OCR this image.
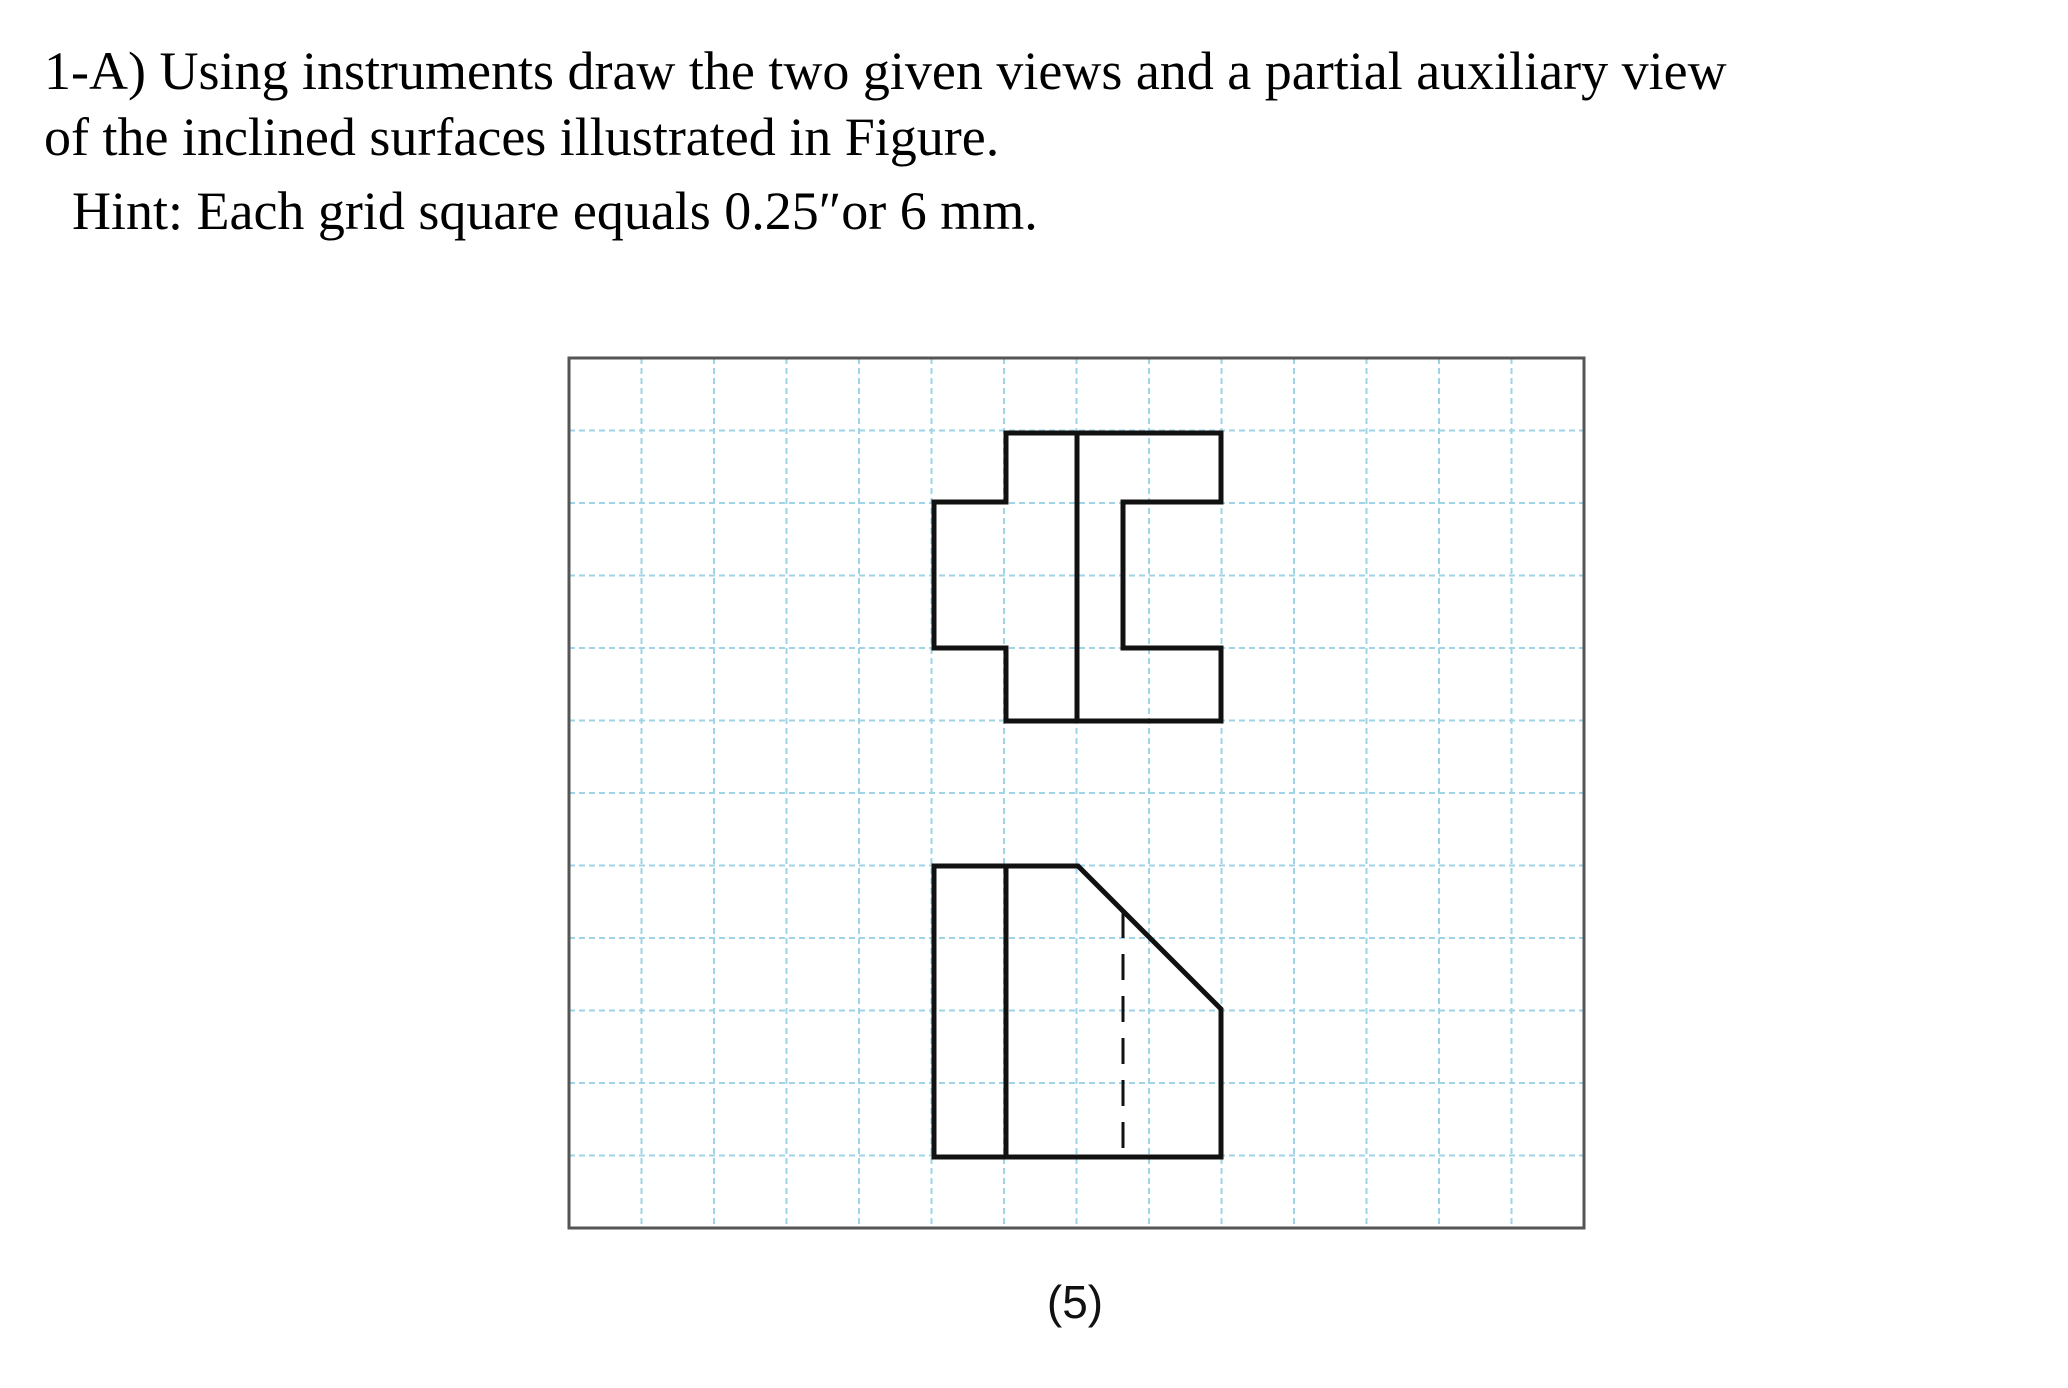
1-A) Using instruments draw the two given views and a partial auxiliary view
of the inclined surfaces illustrated in Figure.
Hint: Each grid square equals 0.25″or 6 mm.
(5)
